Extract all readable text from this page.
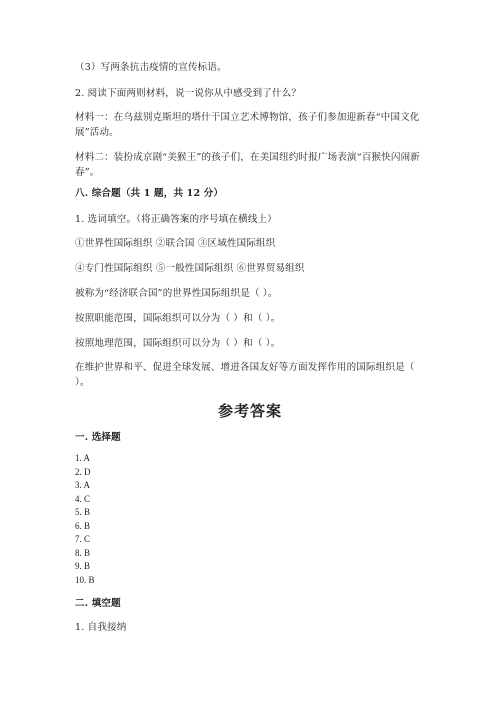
（3）写两条抗击疫情的宣传标语。
2. 阅读下面两则材料，说一说你从中感受到了什么？
材料一：在乌兹别克斯坦的塔什干国立艺术博物馆，孩子们参加迎新春“中国文化展”活动。
材料二：装扮成京剧“美猴王”的孩子们，在美国纽约时报广场表演“百猴快闪闹新春”。
八. 综合题（共 1 题，共 12 分）
1. 选词填空。（将正确答案的序号填在横线上）
①世界性国际组织 ②联合国 ③区域性国际组织
④专门性国际组织 ⑤一般性国际组织 ⑥世界贸易组织
被称为“经济联合国”的世界性国际组织是（ ）。
按照职能范围，国际组织可以分为（ ）和（ ）。
按照地理范围，国际组织可以分为（ ）和（ ）。
在维护世界和平、促进全球发展、增进各国友好等方面发挥作用的国际组织是（ ）。
参考答案
一. 选择题
1. A
2. D
3. A
4. C
5. B
6. B
7. C
8. B
9. B
10. B
二. 填空题
1. 自我接纳
